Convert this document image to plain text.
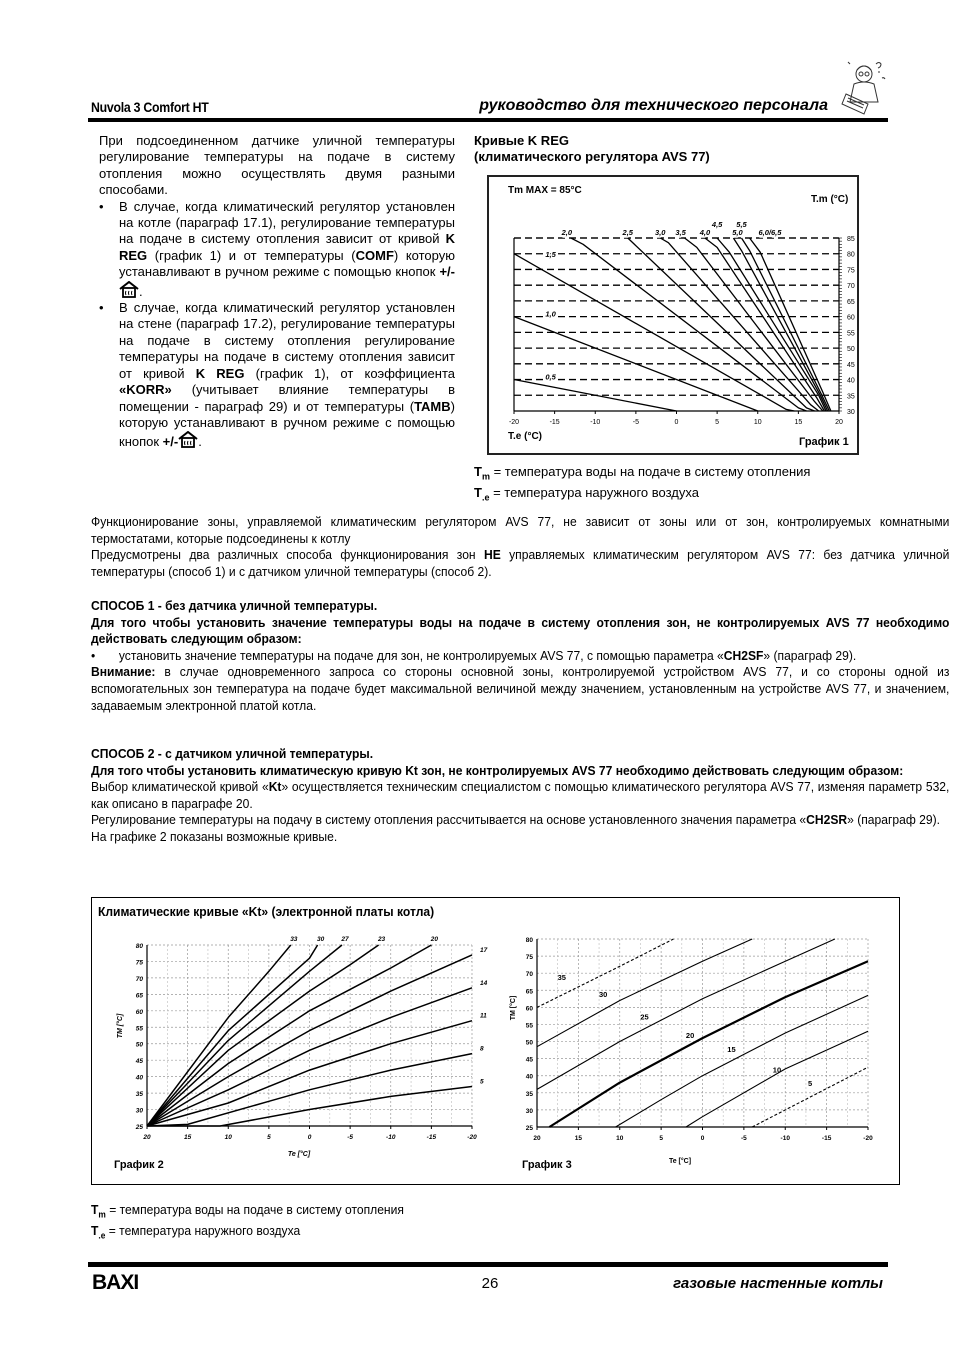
Nuvola 3 Comfort HT	руководство для технического персонала

При подсоединенном датчике уличной температуры регулирование температуры на подаче в систему отопления можно осуществлять двумя разными способами.

• В случае, когда климатический регулятор установлен на котле (параграф 17.1), регулирование температуры на подаче в систему отопления зависит от кривой K REG (график 1) и от температуры (COMF) которую устанавливают в ручном режиме с помощью кнопок +/-.
• В случае, когда климатический регулятор установлен на стене (параграф 17.2), регулирование температуры на подаче в систему отопления регулирование температуры на подаче в систему отопления зависит от кривой K REG (график 1), от коэффициента «KORR» (учитывает влияние температуры в помещении - параграф 29) и от температуры (TAMB) которую устанавливают в ручном режиме с помощью кнопок +/- .
Кривые K REG
(климатического регулятора AVS 77)
Tm MAX = 85°C
T.m (°C)
T.e (°C)	График 1
30
35
40
45
50
55
60
65
70
75
80
85
-20	-15	-10	-5	0	5	10	15	20
2,0	2,5	3,0 3,5 4,0
4,5
5,0
5,5
6,0/6,5
1,5
1,0
0,5
$T_m$ = температура воды на подаче в систему отопления
$T_{.e}$ = температура наружного воздуха
Функционирование зоны, управляемой климатическим регулятором AVS 77, не зависит от зоны или от зон, контролируемых комнатными термостатами, которые подсоединены к котлу
Предусмотрены два различных способа функционирования зон НЕ управляемых климатическим регулятором AVS 77: без датчика уличной температуры (способ 1) и с датчиком уличной температуры (способ 2).
СПОСОБ 1 - без датчика уличной температуры.
Для того чтобы установить значение температуры воды на подаче в систему отопления зон, не контролируемых AVS 77 необходимо действовать следующим образом:
• установить значение температуры на подаче для зон, не контролируемых AVS 77, с помощью параметра «CH2SF» (параграф 29).
Внимание: в случае одновременного запроса со стороны основной зоны, контролируемой устройством AVS 77, и со стороны одной из вспомогательных зон температура на подаче будет максимальной величиной между значением, установленным на устройстве AVS 77, и значением, задаваемым электронной платой котла.
СПОСОБ 2 - с датчиком уличной температуры.
Для того чтобы установить климатическую кривую Kt зон, не контролируемых AVS 77 необходимо действовать следующим образом:
Выбор климатической кривой «Kt» осуществляется техническим специалистом с помощью климатического регулятора AVS 77, изменяя параметр 532, как описано в параграфе 20.
Регулирование температуры на подачу в систему отопления рассчитывается на основе установленного значения параметра «CH2SR» (параграф 29).
На графике 2 показаны возможные кривые.
Климатические кривые «Kt» (электронной платы котла)
25
30
35
40
45
50
55
60
65
70
75
80
20	15	10	5	0	-5	-10	-15	-20
5
8
11
14
17
20
23
27
30
33
Te [°C]
TM [°C]
График 2
25
30
35
40
45
50
55
60
65
70
75
80
20	15	10	5	0	-5	-10	-15	-20
35
30
25
20
15
10
5
Te [°C]
TM [°C]
График 3
$T_m$ = температура воды на подаче в систему отопления
$T_{.e}$ = температура наружного воздуха
BAXI	26	газовые настенные котлы
